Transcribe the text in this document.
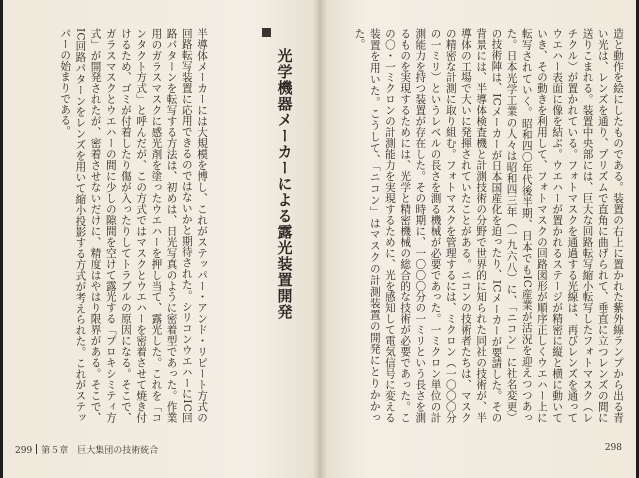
半導体メーカーには大規模を博し、これがステッパー・アンド・リピート方式の回路転写装置に応用できるのではないかと期待された。シリコンウエハーにIC回路パターンを転写する方法は、初めは、日光写真のように密着型であった。作業用のガラスマスクに感光剤を塗ったウエハーを押し当て、露光した。これを「コンタクト方式」と呼んだが、この方式ではマスクとウエハーを密着させて焼き付けるため、ゴミが付着したり傷が入ったりしてトラブルの原因になる。そこで、ガラスマスクとウエハーの間に少しの隙間を空けて露光する「プロキシミティ方式」が開発されたが、密着させないだけに、精度はやはり限界がある。そこで、IC回路パターンをレンズを用いて縮小投影する方式が考えられた。これがステッパーの始まりである。	光学機器メーカーによる露光装置開発
299 第５章　巨大集団の技術統合
造と動作を絵にしたものである。装置の右上に置かれた紫外線ランプから出る青い光は、レンズを通り、プリズムで直角に曲げられて、垂直に立つレンズの間に送りこまれる。装置中央部には、巨大な回路転写縮小転写したフォトマスク（レチクル）が置かれている。フォトマスクを通過する光線は、再びレンズを通ってウエハー表面に像を結ぶ。ウエハーが置かれるステージが精密に縦と横に動いていき、その動きを利用して、フォトマスクの回路図形が順序正しくウエハー上に転写されていく。昭和四〇年代後半期、日本でもIC産業が活況を迎えつつあった。日本光学工業の人々は昭和四三年（一九六八）に、「ニコン」に社名変更）の技術陣は、ICメーカーが日本国産化を迫ったり、ICメーカーが要請した。その背景には、半導体検査機と計測技術の分野で世界的に知られた同社の技術が、半導体の工場で大いに発揮されていたことがある。ニコンの技術者たちは、マスクの精密な計測に取り組む。フォトマスクを管理するには、ミクロン（一〇〇〇分の一ミリ）というレベルの長さを測る機械が必要であった。一ミクロン単位の計測能力を持つ装置が存在した。その時期に、一〇〇〇分の一ミリという長さを測るものを実現するためには、光学と精密機械の総合的な技術が必要であった。この〇・一ミクロンの計測能力を実現するために、光を感知して電気信号に変える装置を用いた。こうして、「ニコン」はマスクの計測装置の開発にとりかかった。
298
